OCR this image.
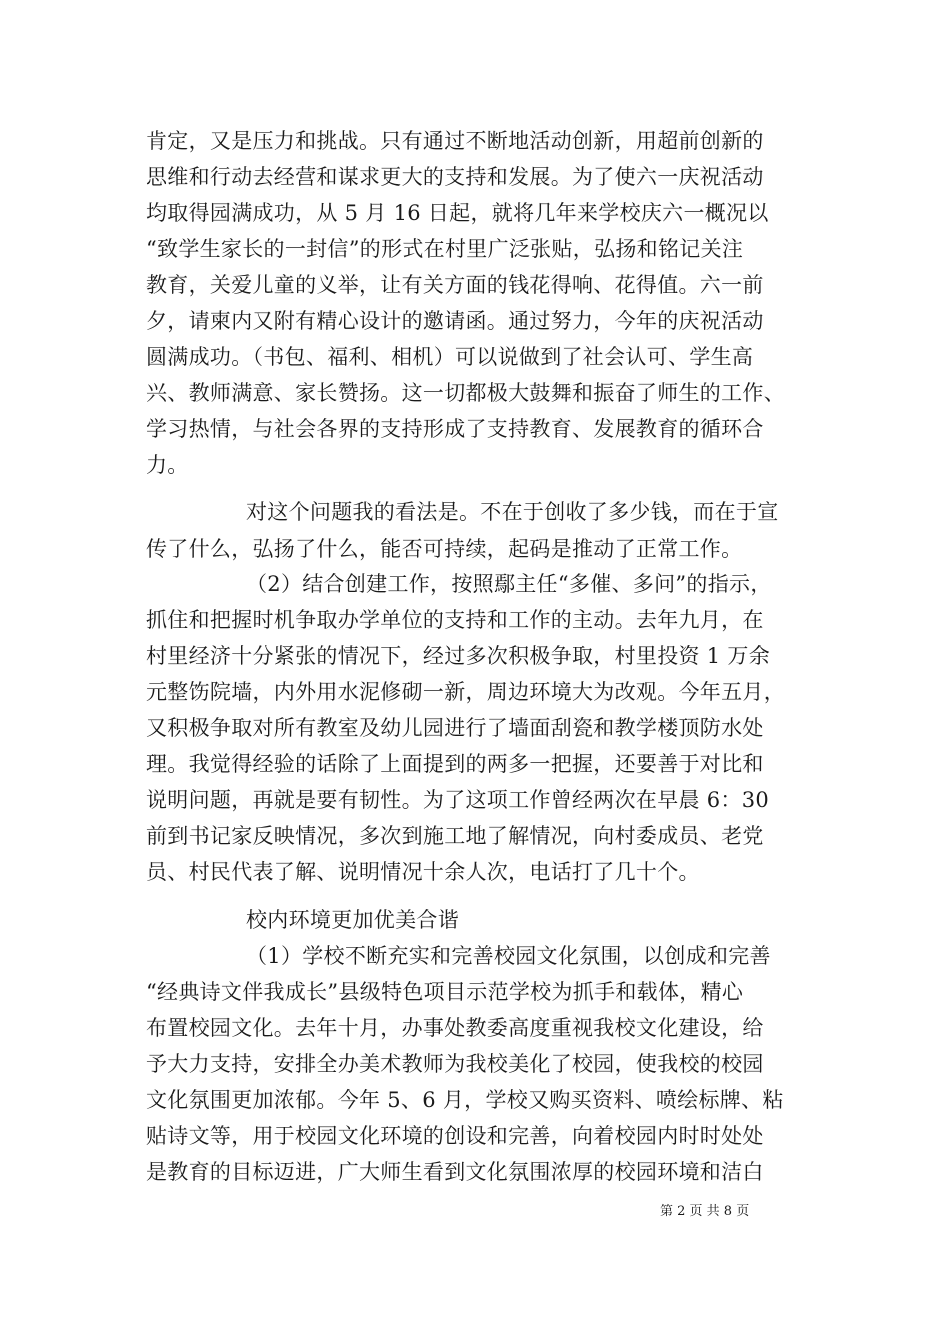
肯定，又是压力和挑战。只有通过不断地活动创新，用超前创新的
思维和行动去经营和谋求更大的支持和发展。为了使六一庆祝活动
均取得园满成功，从 5 月 16 日起，就将几年来学校庆六一概况以
“致学生家长的一封信”的形式在村里广泛张贴，弘扬和铭记关注
教育，关爱儿童的义举，让有关方面的钱花得响、花得值。六一前
夕，请柬内又附有精心设计的邀请函。通过努力，今年的庆祝活动
圆满成功。（书包、福利、相机）可以说做到了社会认可、学生高
兴、教师满意、家长赞扬。这一切都极大鼓舞和振奋了师生的工作、
学习热情，与社会各界的支持形成了支持教育、发展教育的循环合
力。
对这个问题我的看法是。不在于创收了多少钱，而在于宣
传了什么，弘扬了什么，能否可持续，起码是推动了正常工作。
（2）结合创建工作，按照鄢主任“多催、多问”的指示，
抓住和把握时机争取办学单位的支持和工作的主动。去年九月，在
村里经济十分紧张的情况下，经过多次积极争取，村里投资 1 万余
元整饬院墙，内外用水泥修砌一新，周边环境大为改观。今年五月，
又积极争取对所有教室及幼儿园进行了墙面刮瓷和教学楼顶防水处
理。我觉得经验的话除了上面提到的两多一把握，还要善于对比和
说明问题，再就是要有韧性。为了这项工作曾经两次在早晨 6：30
前到书记家反映情况，多次到施工地了解情况，向村委成员、老党
员、村民代表了解、说明情况十余人次，电话打了几十个。
校内环境更加优美合谐
（1）学校不断充实和完善校园文化氛围，以创成和完善
“经典诗文伴我成长”县级特色项目示范学校为抓手和载体，精心
布置校园文化。去年十月，办事处教委高度重视我校文化建设，给
予大力支持，安排全办美术教师为我校美化了校园，使我校的校园
文化氛围更加浓郁。今年 5、6 月，学校又购买资料、喷绘标牌、粘
贴诗文等，用于校园文化环境的创设和完善，向着校园内时时处处
是教育的目标迈进，广大师生看到文化氛围浓厚的校园环境和洁白
第 2 页 共 8 页
